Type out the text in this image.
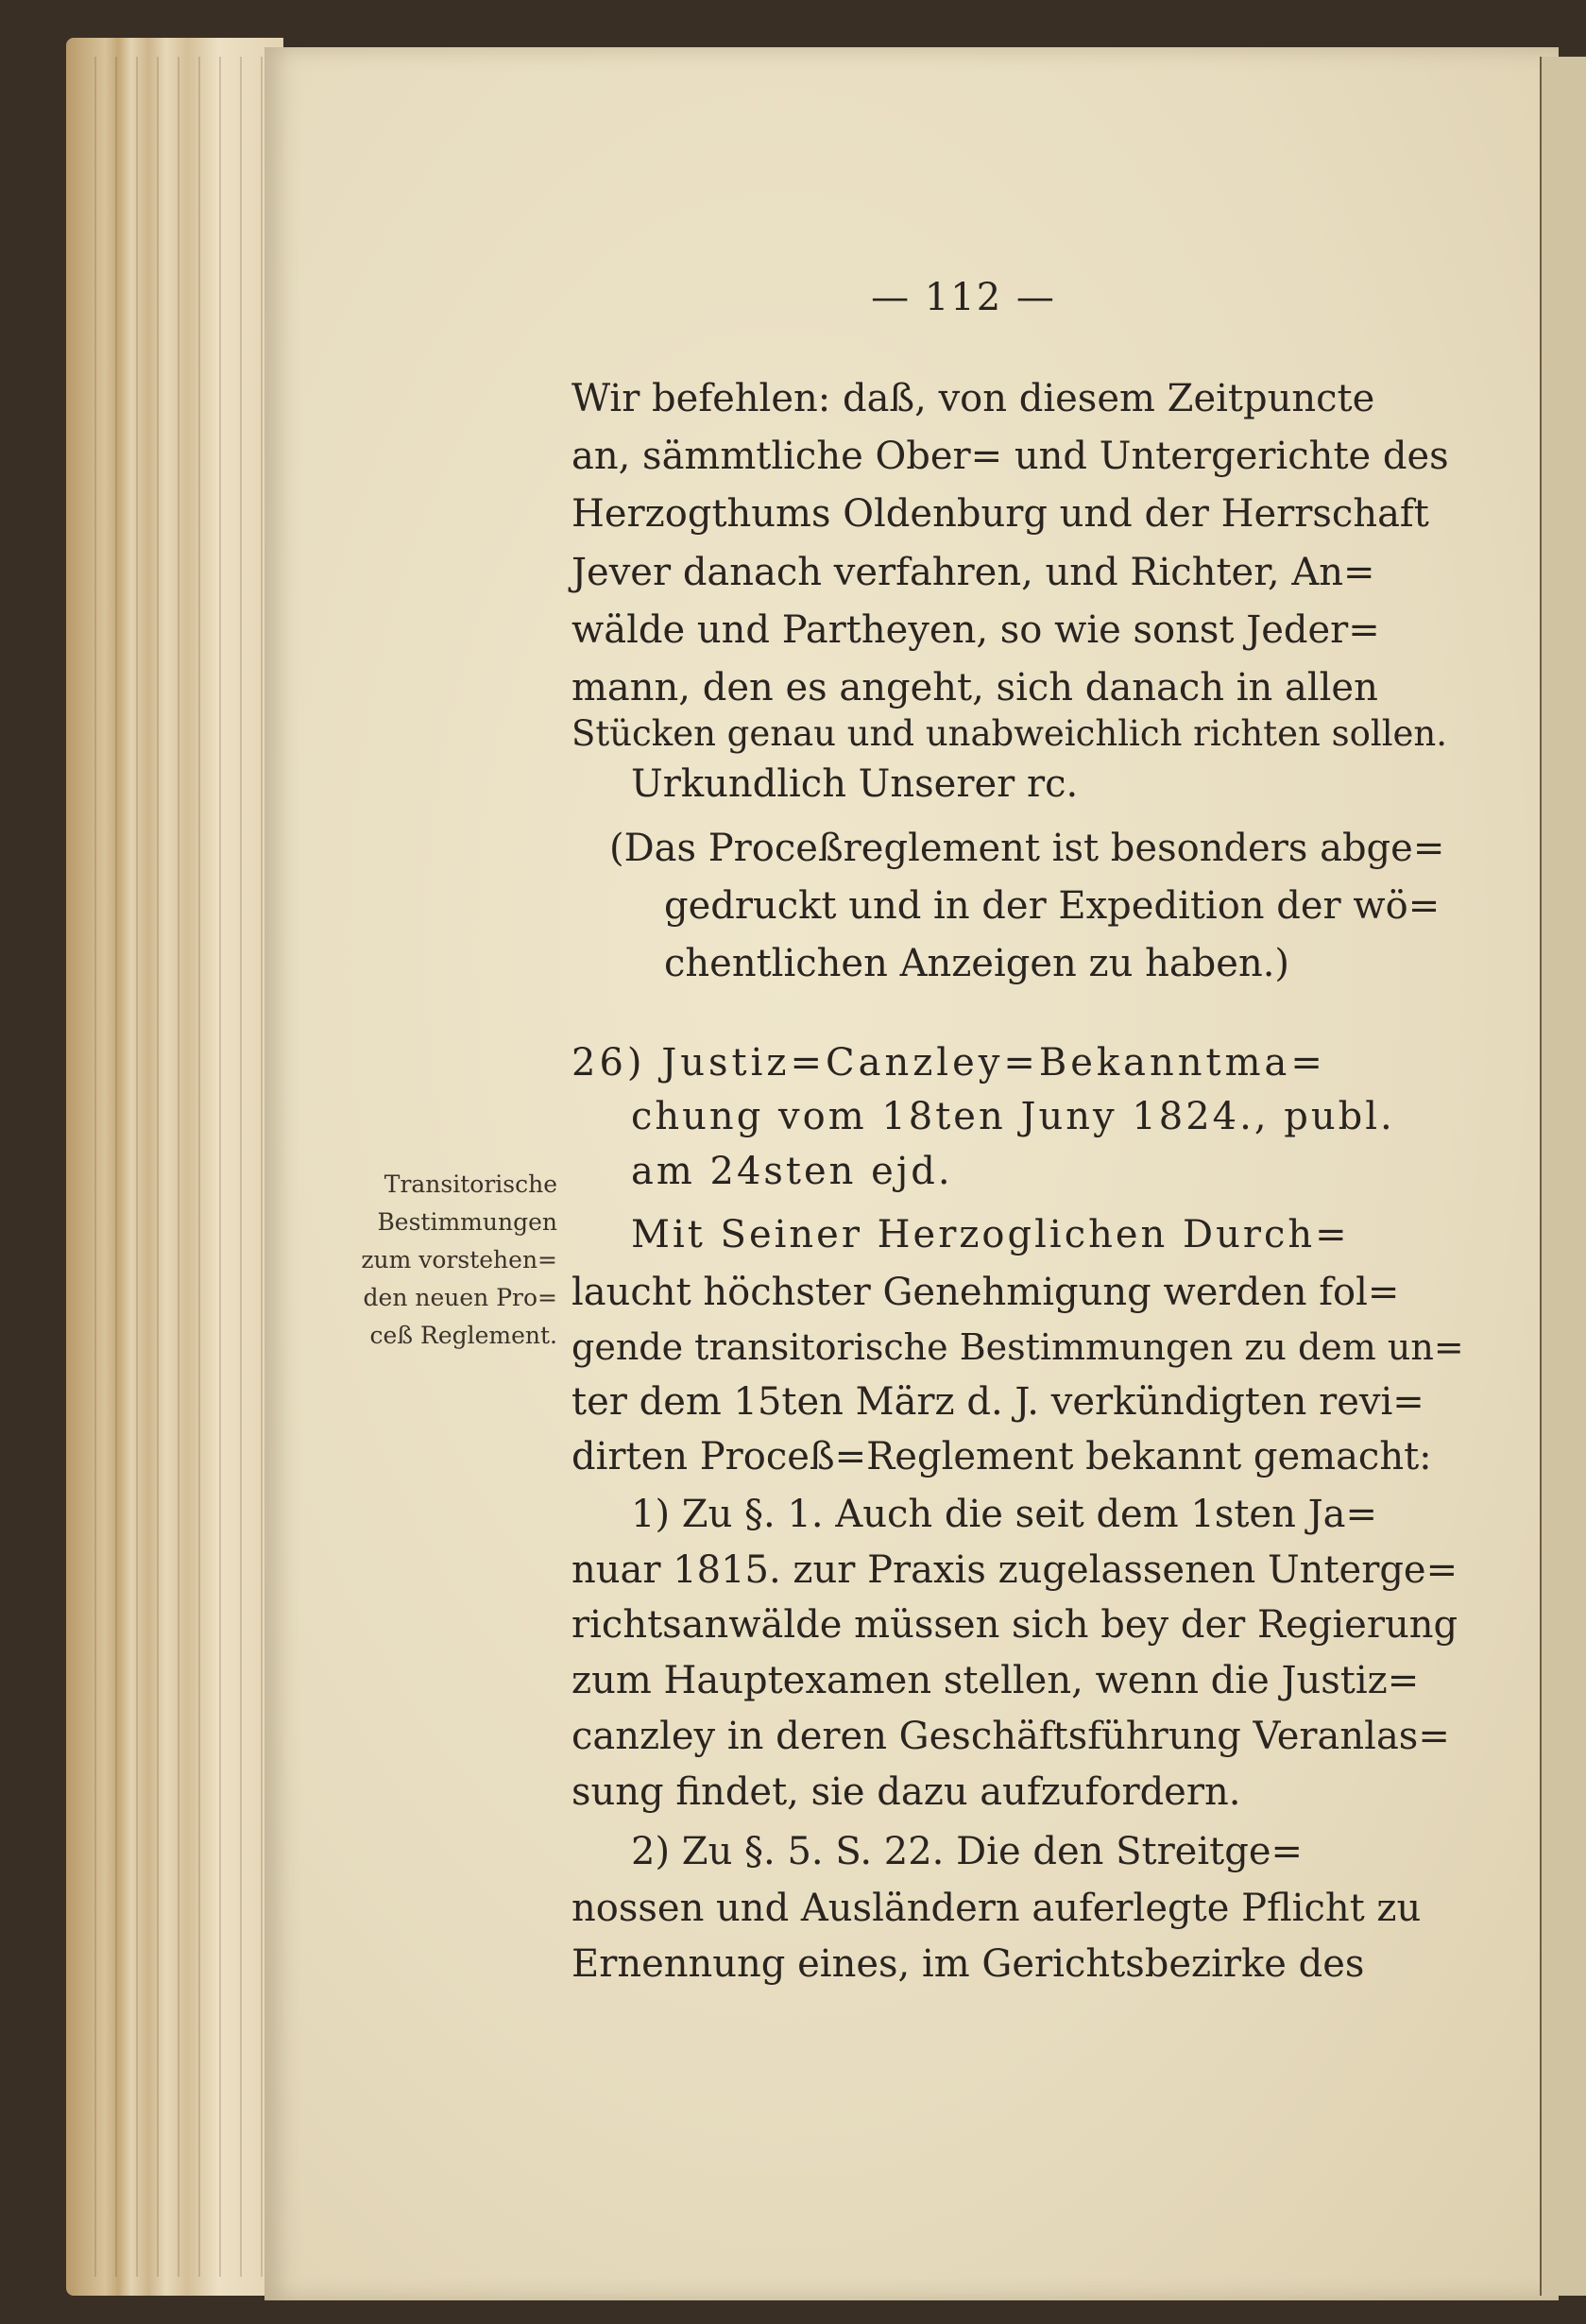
— 112 —
Wir befehlen: daß, von diesem Zeitpuncte
an, sämmtliche Ober= und Untergerichte des
Herzogthums Oldenburg und der Herrschaft
Jever danach verfahren, und Richter, An=
wälde und Partheyen, so wie sonst Jeder=
mann, den es angeht, sich danach in allen
Stücken genau und unabweichlich richten sollen.
Urkundlich Unserer rc.
(Das Proceßreglement ist besonders abge=
gedruckt und in der Expedition der wö=
chentlichen Anzeigen zu haben.)
26) Justiz=Canzley=Bekanntma=
chung vom 18ten Juny 1824., publ.
am 24sten ejd.
Mit Seiner Herzoglichen Durch=
laucht höchster Genehmigung werden fol=
gende transitorische Bestimmungen zu dem un=
ter dem 15ten März d. J. verkündigten revi=
dirten Proceß=Reglement bekannt gemacht:
1) Zu §. 1. Auch die seit dem 1sten Ja=
nuar 1815. zur Praxis zugelassenen Unterge=
richtsanwälde müssen sich bey der Regierung
zum Hauptexamen stellen, wenn die Justiz=
canzley in deren Geschäftsführung Veranlas=
sung findet, sie dazu aufzufordern.
2) Zu §. 5. S. 22. Die den Streitge=
nossen und Ausländern auferlegte Pflicht zu
Ernennung eines, im Gerichtsbezirke des
Transitorische
Bestimmungen
zum vorstehen=
den neuen Pro=
ceß Reglement.
